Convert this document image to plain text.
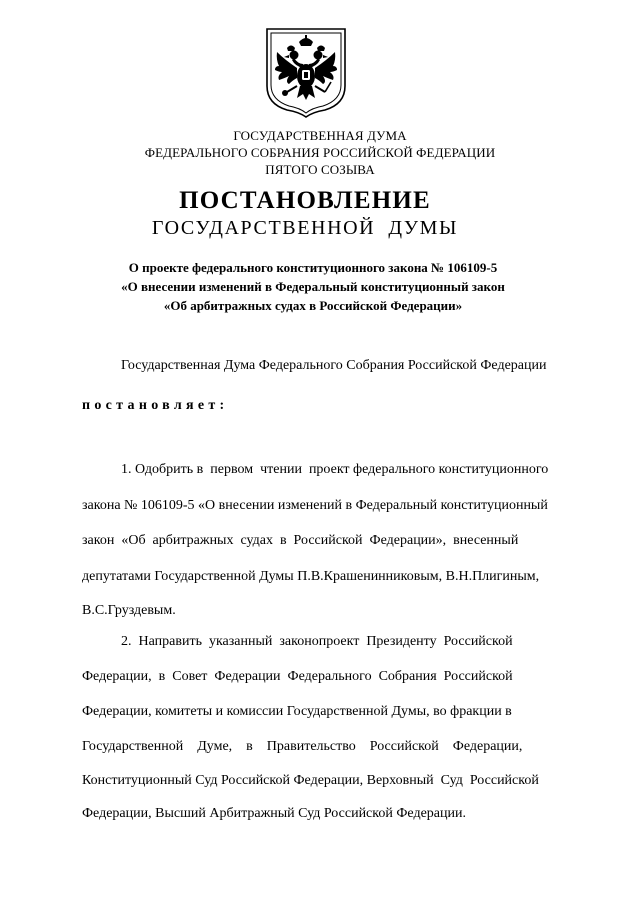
ГОСУДАРСТВЕННАЯ ДУМА
ФЕДЕРАЛЬНОГО СОБРАНИЯ РОССИЙСКОЙ ФЕДЕРАЦИИ
ПЯТОГО СОЗЫВА
ПОСТАНОВЛЕНИЕ
ГОСУДАРСТВЕННОЙ  ДУМЫ
О проекте федерального конституционного закона № 106109-5
«О внесении изменений в Федеральный конституционный закон
«Об арбитражных судах в Российской Федерации»
Государственная Дума Федерального Собрания Российской Федерации
постановляет:
1. Одобрить в  первом  чтении  проект федерального конституционного
закона № 106109-5 «О внесении изменений в Федеральный конституционный
закон  «Об  арбитражных  судах  в  Российской  Федерации»,  внесенный
депутатами Государственной Думы П.В.Крашенинниковым, В.Н.Плигиным,
В.С.Груздевым.
2.  Направить  указанный  законопроект  Президенту  Российской
Федерации,  в  Совет  Федерации  Федерального  Собрания  Российской
Федерации, комитеты и комиссии Государственной Думы, во фракции в
Государственной    Думе,    в    Правительство    Российской    Федерации,
Конституционный Суд Российской Федерации, Верховный  Суд  Российской
Федерации, Высший Арбитражный Суд Российской Федерации.
